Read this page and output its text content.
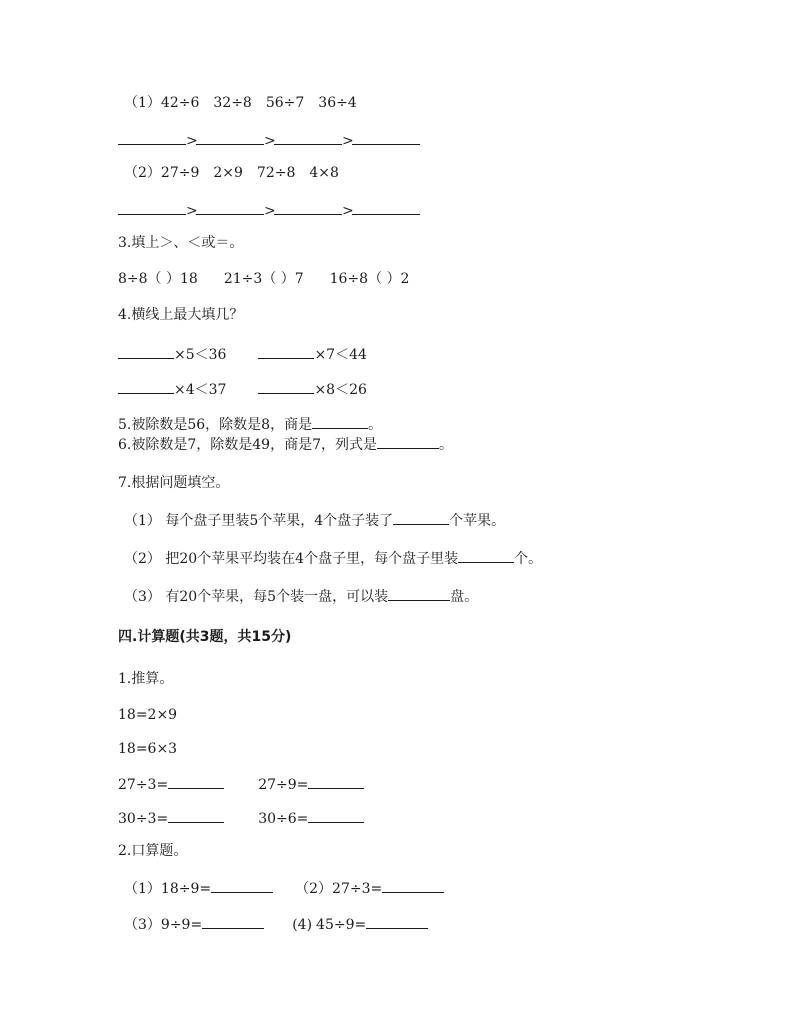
（1）42÷6 32÷8 56÷7 36÷4
>	>	>
（2）27÷9 2×9 72÷8 4×8
>	>	>
3.填上＞、＜或＝。
8÷8（ ）18 21÷3（ ）7 16÷8（ ）2
4.横线上最大填几？
×5＜36	×7＜44
×4＜37	×8＜26
5.被除数是56，除数是8，商是	。
6.被除数是7，除数是49，商是7，列式是	。
7.根据问题填空。
（1） 每个盘子里装5个苹果，4个盘子装了	个苹果。
（2） 把20个苹果平均装在4个盘子里，每个盘子里装	个。
（3） 有20个苹果，每5个装一盘，可以装	盘。
四.计算题(共3题，共15分)
1.推算。
18=2×9
18=6×3
27÷3=	27÷9=
30÷3=	30÷6=
2.口算题。
（1）18÷9=	（2）27÷3=
（3）9÷9=	(4) 45÷9=
